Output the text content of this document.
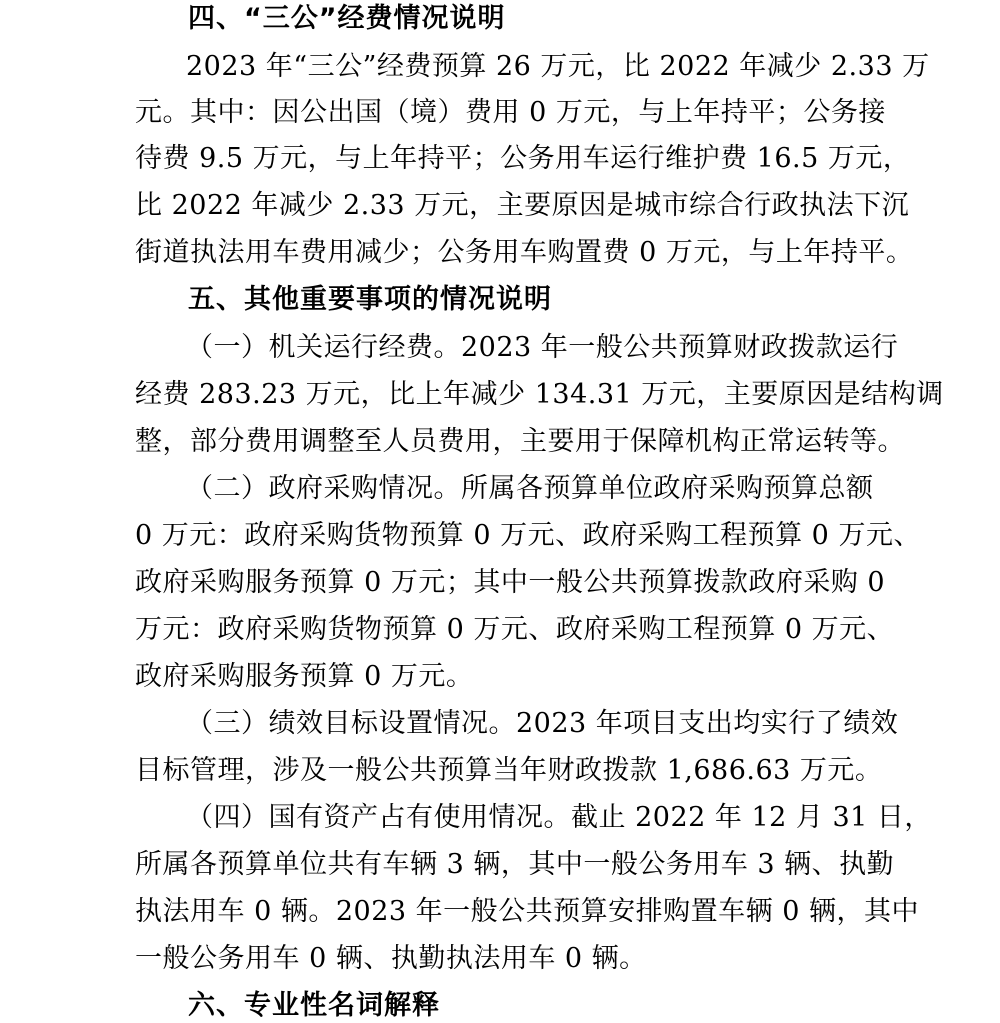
四、“三公”经费情况说明
2023 年“三公”经费预算 26 万元，比 2022 年减少 2.33 万
元。其中：因公出国（境）费用 0 万元，与上年持平；公务接
待费 9.5 万元，与上年持平；公务用车运行维护费 16.5 万元，
比 2022 年减少 2.33 万元，主要原因是城市综合行政执法下沉
街道执法用车费用减少；公务用车购置费 0 万元，与上年持平。
五、其他重要事项的情况说明
（一）机关运行经费。2023 年一般公共预算财政拨款运行
经费 283.23 万元，比上年减少 134.31 万元，主要原因是结构调
整，部分费用调整至人员费用，主要用于保障机构正常运转等。
（二）政府采购情况。所属各预算单位政府采购预算总额
0 万元：政府采购货物预算 0 万元、政府采购工程预算 0 万元、
政府采购服务预算 0 万元；其中一般公共预算拨款政府采购 0
万元：政府采购货物预算 0 万元、政府采购工程预算 0 万元、
政府采购服务预算 0 万元。
（三）绩效目标设置情况。2023 年项目支出均实行了绩效
目标管理，涉及一般公共预算当年财政拨款 1,686.63 万元。
（四）国有资产占有使用情况。截止 2022 年 12 月 31 日，
所属各预算单位共有车辆 3 辆，其中一般公务用车 3 辆、执勤
执法用车 0 辆。2023 年一般公共预算安排购置车辆 0 辆，其中
一般公务用车 0 辆、执勤执法用车 0 辆。
六、专业性名词解释
